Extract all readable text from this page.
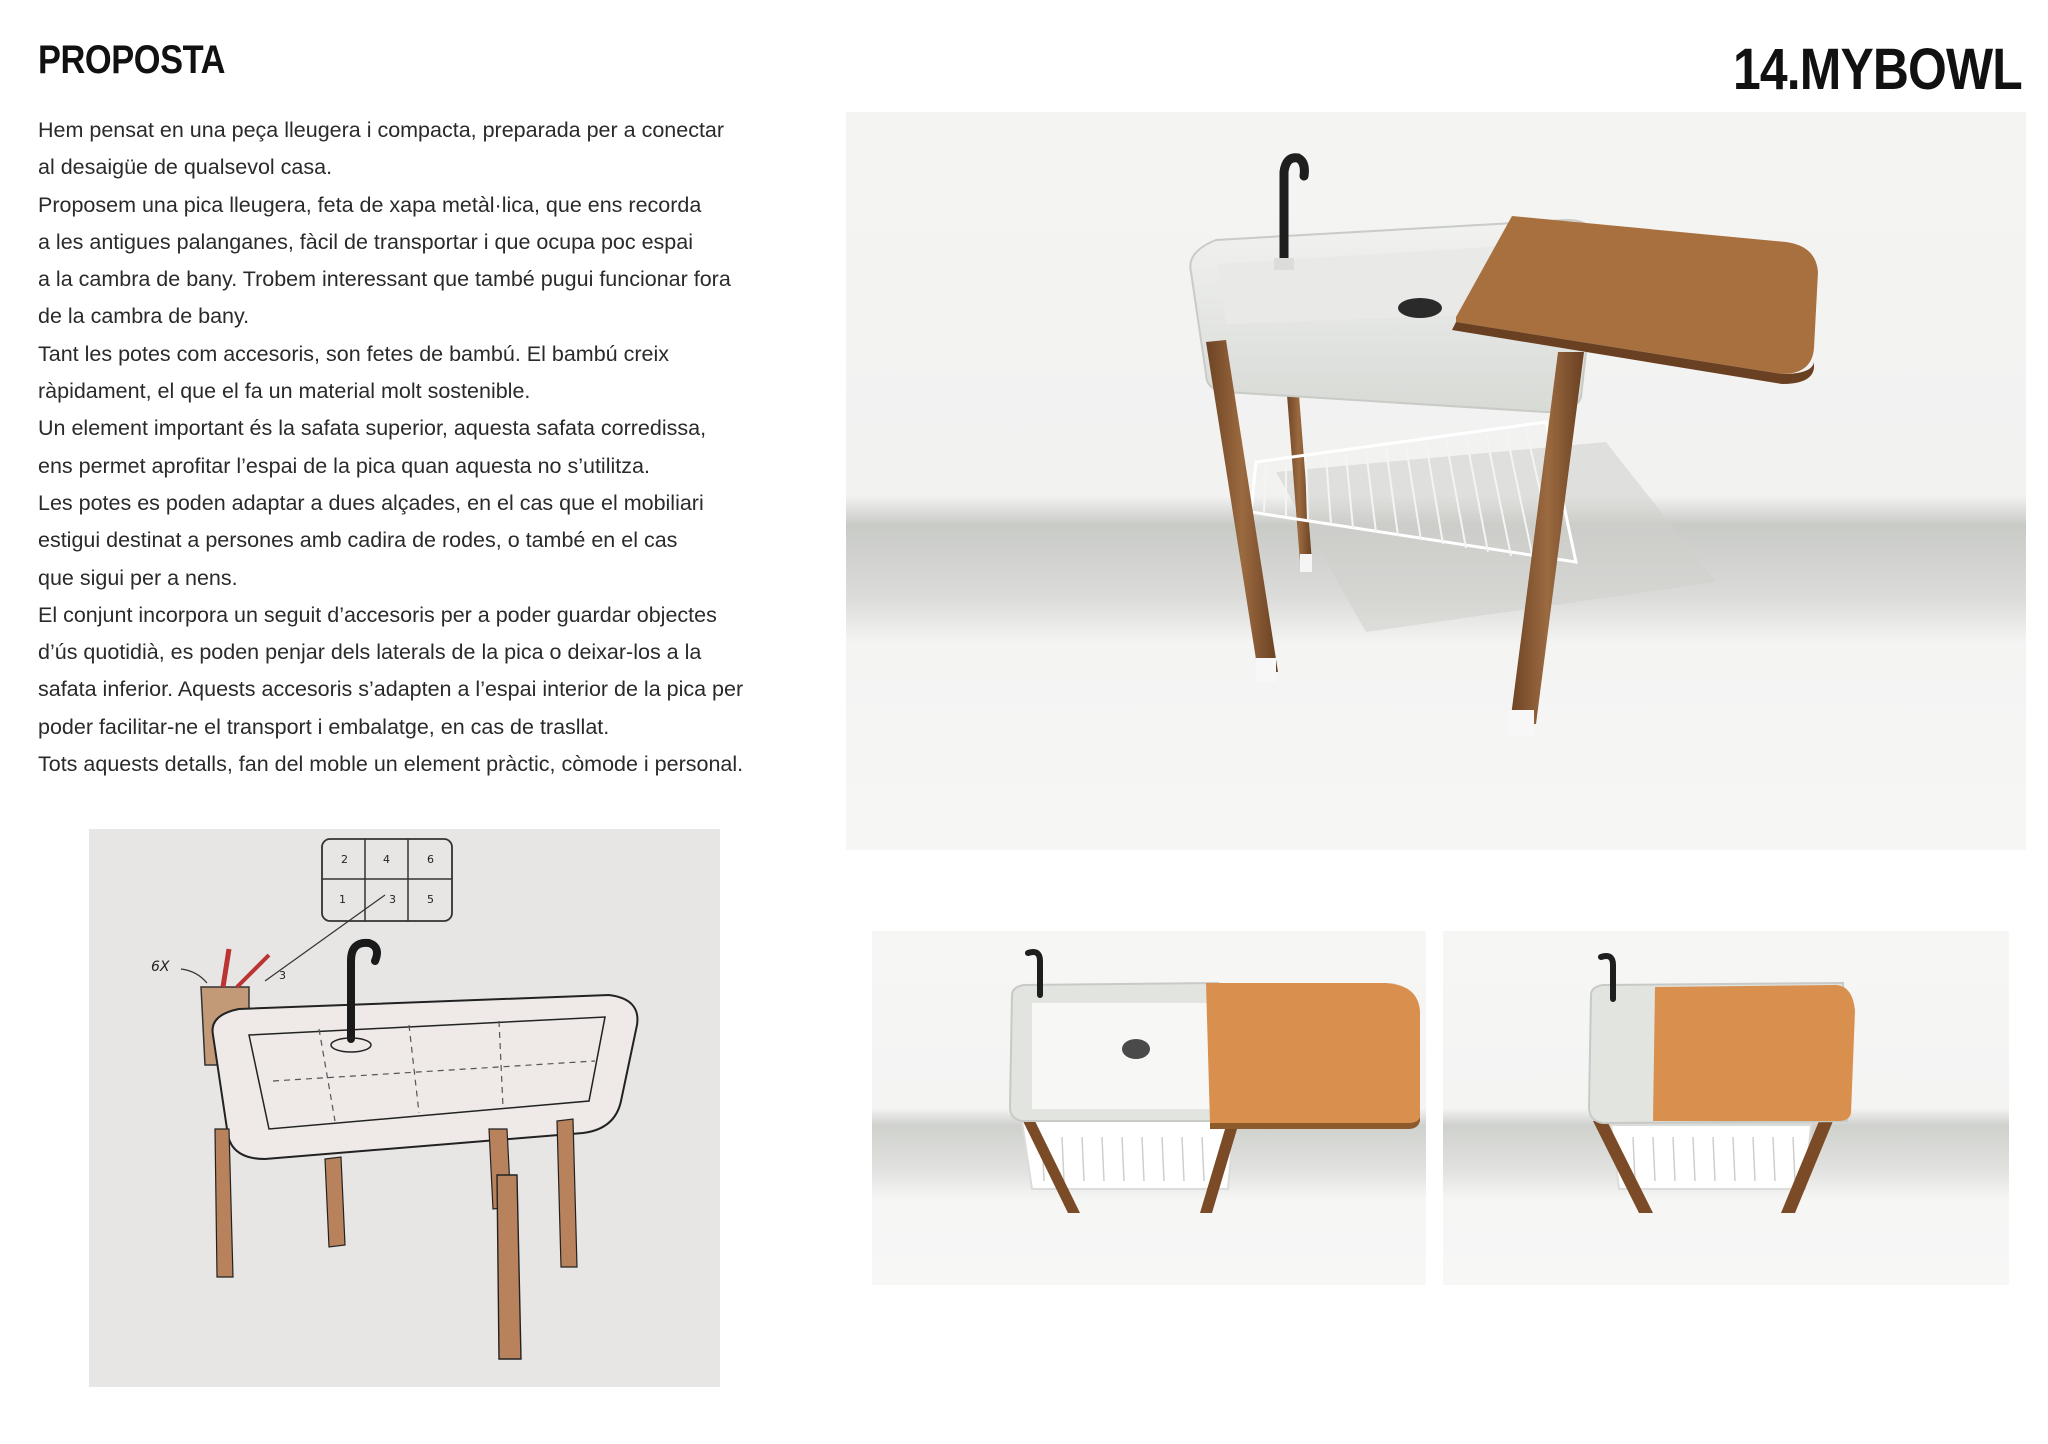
PROPOSTA	14.MYBOWL
Hem pensat en una peça lleugera i compacta, preparada per a conectar
al desaigüe de qualsevol casa.
Proposem una pica lleugera, feta de xapa metàl·lica, que ens recorda
a les antigues palanganes, fàcil de transportar i que ocupa poc espai
a la cambra de bany. Trobem interessant que també pugui funcionar fora
de la cambra de bany.
Tant les potes com accesoris, son fetes de bambú. El bambú creix
ràpidament, el que el fa un material molt sostenible.
Un element important és la safata superior, aquesta safata corredissa,
ens permet aprofitar l’espai de la pica quan aquesta no s’utilitza.
Les potes es poden adaptar a dues alçades, en el cas que el mobiliari
estigui destinat a persones amb cadira de rodes, o també en el cas
que sigui per a nens.
El conjunt incorpora un seguit d’accesoris per a poder guardar objectes
d’ús quotidià, es poden penjar dels laterals de la pica o deixar-los a la
safata inferior. Aquests accesoris s’adapten a l’espai interior de la pica per
poder facilitar-ne el transport i embalatge, en cas de trasllat.
Tots aquests detalls, fan del moble un element pràctic, còmode i personal.
2	4	6
1	3	5
6X
3
